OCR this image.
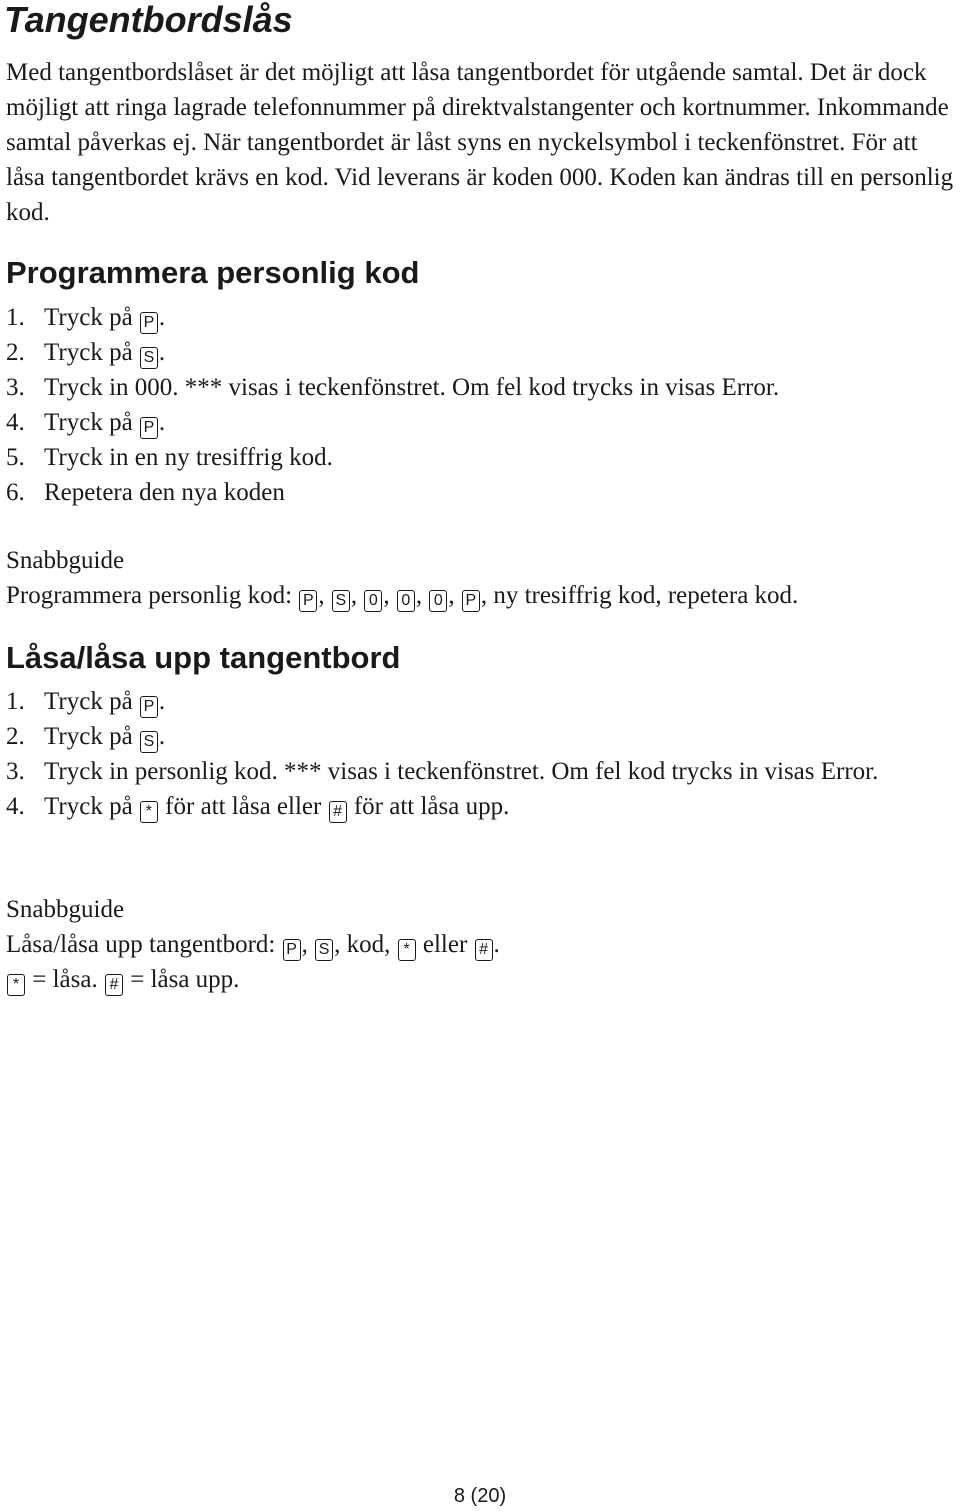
Tangentbordslås

Med tangentbordslåset är det möjligt att låsa tangentbordet för utgående samtal. Det är dock möjligt att ringa lagrade telefonnummer på direktvalstangenter och kortnummer. Inkommande samtal påverkas ej. När tangentbordet är låst syns en nyckelsymbol i teckenfönstret. För att låsa tangentbordet krävs en kod. Vid leverans är koden 000. Koden kan ändras till en personlig kod.

Programmera personlig kod
1. Tryck på P .
2. Tryck på S .
3. Tryck in 000. *** visas i teckenfönstret. Om fel kod trycks in visas Error.
4. Tryck på P .
5. Tryck in en ny tresiffrig kod.
6. Repetera den nya koden

Snabbguide

Programmera personlig kod: P , S , 0 , 0 , 0 , P , ny tresiffrig kod, repetera kod.

Låsa/låsa upp tangentbord
1. Tryck på P .
2. Tryck på S .
3. Tryck in personlig kod. *** visas i teckenfönstret. Om fel kod trycks in visas Error.
4. Tryck på * för att låsa eller # för att låsa upp.

Snabbguide

Låsa/låsa upp tangentbord: P , S , kod, * eller # .

* = låsa. # = låsa upp.

8 (20)
